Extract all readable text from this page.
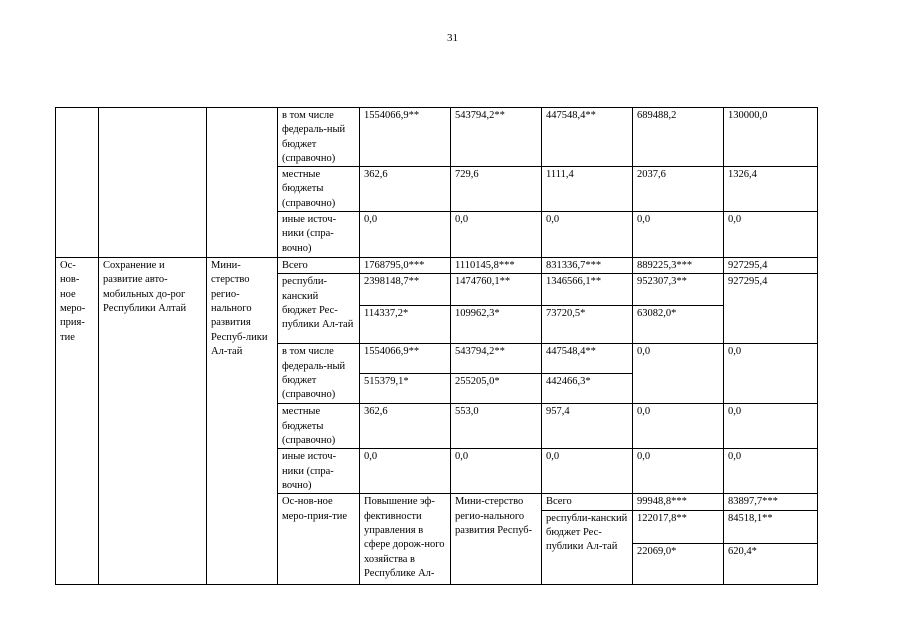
31
			в том числе федераль-ный бюджет (справочно)	1554066,9**	543794,2**	447548,4**	689488,2	130000,0	
			местные бюджеты (справочно)	362,6	729,6	1111,4	2037,6	1326,4	
			иные источ-ники (спра-вочно)	0,0	0,0	0,0	0,0	0,0	
Ос-нов-ное меро-прия-тие	Сохранение и развитие авто-мобильных до-рог Республики Алтай	Мини-стерство регио-нального развития Респуб-лики Ал-тай	Всего	1768795,0***	1110145,8***	831336,7***	889225,3***	927295,4	
			республи-канский бюджет Рес-публики Ал-тай	2398148,7**	1474760,1**	1346566,1**	952307,3**	927295,4	
				114337,2*	109962,3*	73720,5*	63082,0*		
			в том числе федераль-ный бюджет (справочно)	1554066,9**	543794,2**	447548,4**	0,0	0,0	
				515379,1*	255205,0*	442466,3*			
			местные бюджеты (справочно)	362,6	553,0	957,4	0,0	0,0	
			иные источ-ники (спра-вочно)	0,0	0,0	0,0	0,0	0,0	
			Ос-нов-ное меро-прия-тие	Повышение эф-фективности управления в сфере дорож-ного хозяйства в Республике Ал-	Мини-стерство регио-нального развития Респуб-	Всего	99948,8***	83897,7***			
						республи-канский бюджет Рес-публики Ал-тай	122017,8**	84518,1**			
							22069,0*	620,4*		
